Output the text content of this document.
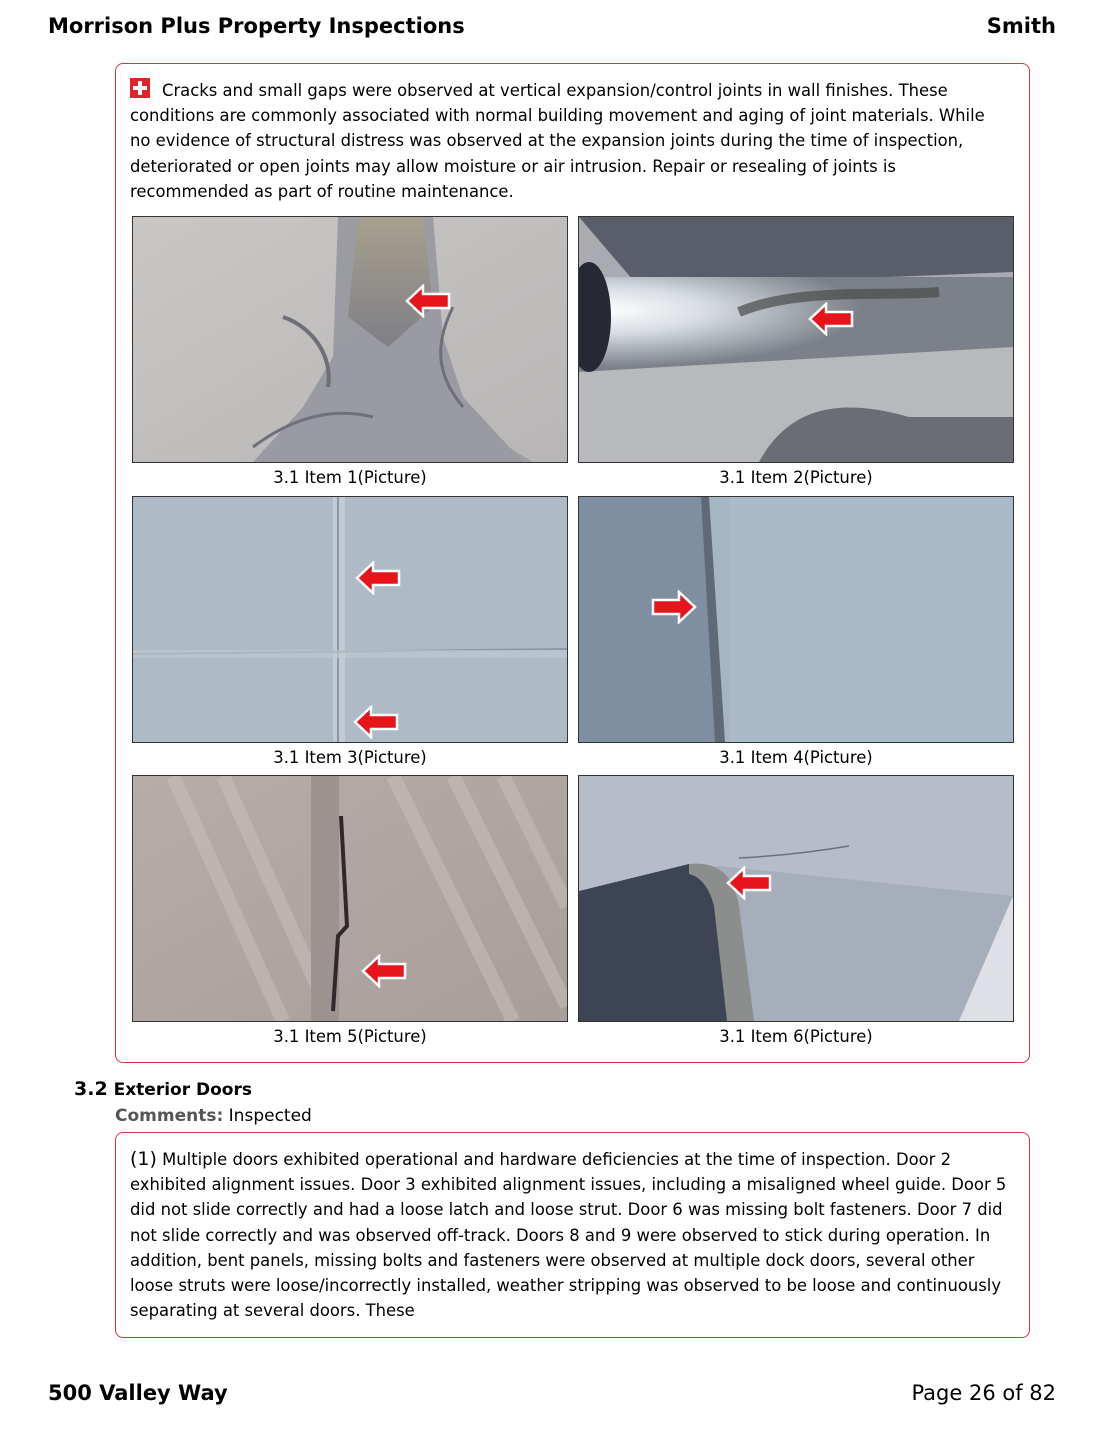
Morrison Plus Property Inspections	Smith
Cracks and small gaps were observed at vertical expansion/control joints in wall finishes. These conditions are commonly associated with normal building movement and aging of joint materials. While no evidence of structural distress was observed at the expansion joints during the time of inspection, deteriorated or open joints may allow moisture or air intrusion. Repair or resealing of joints is recommended as part of routine maintenance.
3.1 Item 1(Picture)	3.1 Item 2(Picture)
3.1 Item 3(Picture)	3.1 Item 4(Picture)
3.1 Item 5(Picture)	3.1 Item 6(Picture)
3.2 Exterior Doors
Comments: Inspected
(1) Multiple doors exhibited operational and hardware deficiencies at the time of inspection. Door 2 exhibited alignment issues. Door 3 exhibited alignment issues, including a misaligned wheel guide. Door 5 did not slide correctly and had a loose latch and loose strut. Door 6 was missing bolt fasteners. Door 7 did not slide correctly and was observed off-track. Doors 8 and 9 were observed to stick during operation. In addition, bent panels, missing bolts and fasteners were observed at multiple dock doors, several other loose struts were loose/incorrectly installed, weather stripping was observed to be loose and continuously separating at several doors. These
500 Valley Way	Page 26 of 82
